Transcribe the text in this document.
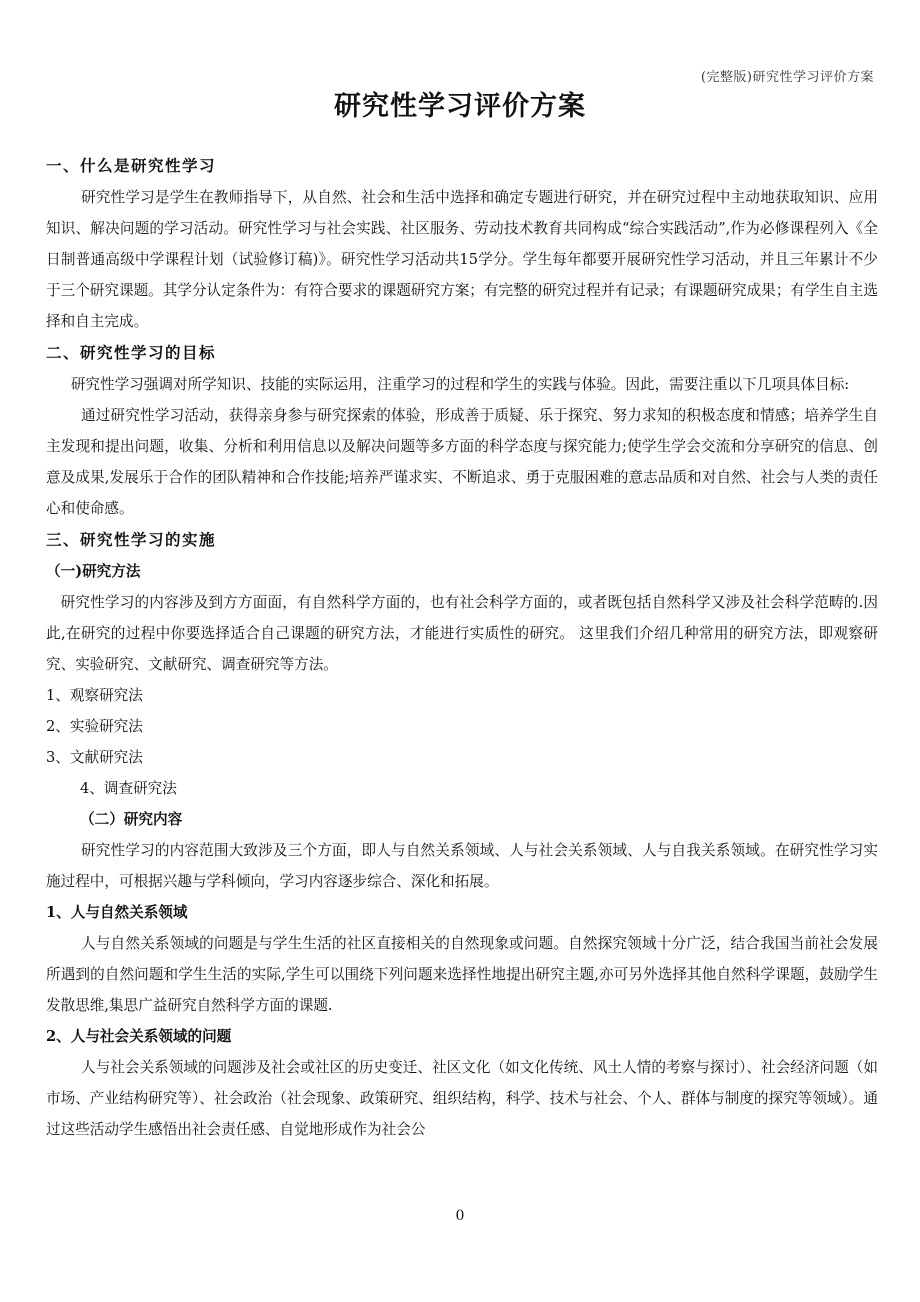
(完整版)研究性学习评价方案
研究性学习评价方案
一、什么是研究性学习

研究性学习是学生在教师指导下，从自然、社会和生活中选择和确定专题进行研究，并在研究过程中主动地获取知识、应用知识、解决问题的学习活动。研究性学习与社会实践、社区服务、劳动技术教育共同构成“综合实践活动”,作为必修课程列入《全日制普通高级中学课程计划（试验修订稿)》。研究性学习活动共15学分。学生每年都要开展研究性学习活动，并且三年累计不少于三个研究课题。其学分认定条件为：有符合要求的课题研究方案；有完整的研究过程并有记录；有课题研究成果；有学生自主选择和自主完成。

二、研究性学习的目标

研究性学习强调对所学知识、技能的实际运用，注重学习的过程和学生的实践与体验。因此，需要注重以下几项具体目标:

通过研究性学习活动，获得亲身参与研究探索的体验，形成善于质疑、乐于探究、努力求知的积极态度和情感；培养学生自主发现和提出问题，收集、分析和利用信息以及解决问题等多方面的科学态度与探究能力;使学生学会交流和分享研究的信息、创意及成果,发展乐于合作的团队精神和合作技能;培养严谨求实、不断追求、勇于克服困难的意志品质和对自然、社会与人类的责任心和使命感。

三、研究性学习的实施
（一)研究方法

研究性学习的内容涉及到方方面面，有自然科学方面的，也有社会科学方面的，或者既包括自然科学又涉及社会科学范畴的.因此,在研究的过程中你要选择适合自己课题的研究方法，才能进行实质性的研究。 这里我们介绍几种常用的研究方法，即观察研究、实验研究、文献研究、调查研究等方法。

1、观察研究法
2、实验研究法
3、文献研究法
4、调查研究法
（二）研究内容

研究性学习的内容范围大致涉及三个方面，即人与自然关系领域、人与社会关系领域、人与自我关系领域。在研究性学习实施过程中，可根据兴趣与学科倾向，学习内容逐步综合、深化和拓展。

1、人与自然关系领域

人与自然关系领域的问题是与学生生活的社区直接相关的自然现象或问题。自然探究领域十分广泛，结合我国当前社会发展所遇到的自然问题和学生生活的实际,学生可以围绕下列问题来选择性地提出研究主题,亦可另外选择其他自然科学课题，鼓励学生发散思维,集思广益研究自然科学方面的课题.

2、人与社会关系领域的问题

人与社会关系领域的问题涉及社会或社区的历史变迁、社区文化（如文化传统、风土人情的考察与探讨）、社会经济问题（如市场、产业结构研究等）、社会政治（社会现象、政策研究、组织结构，科学、技术与社会、个人、群体与制度的探究等领域）。通过这些活动学生感悟出社会责任感、自觉地形成作为社会公

0
